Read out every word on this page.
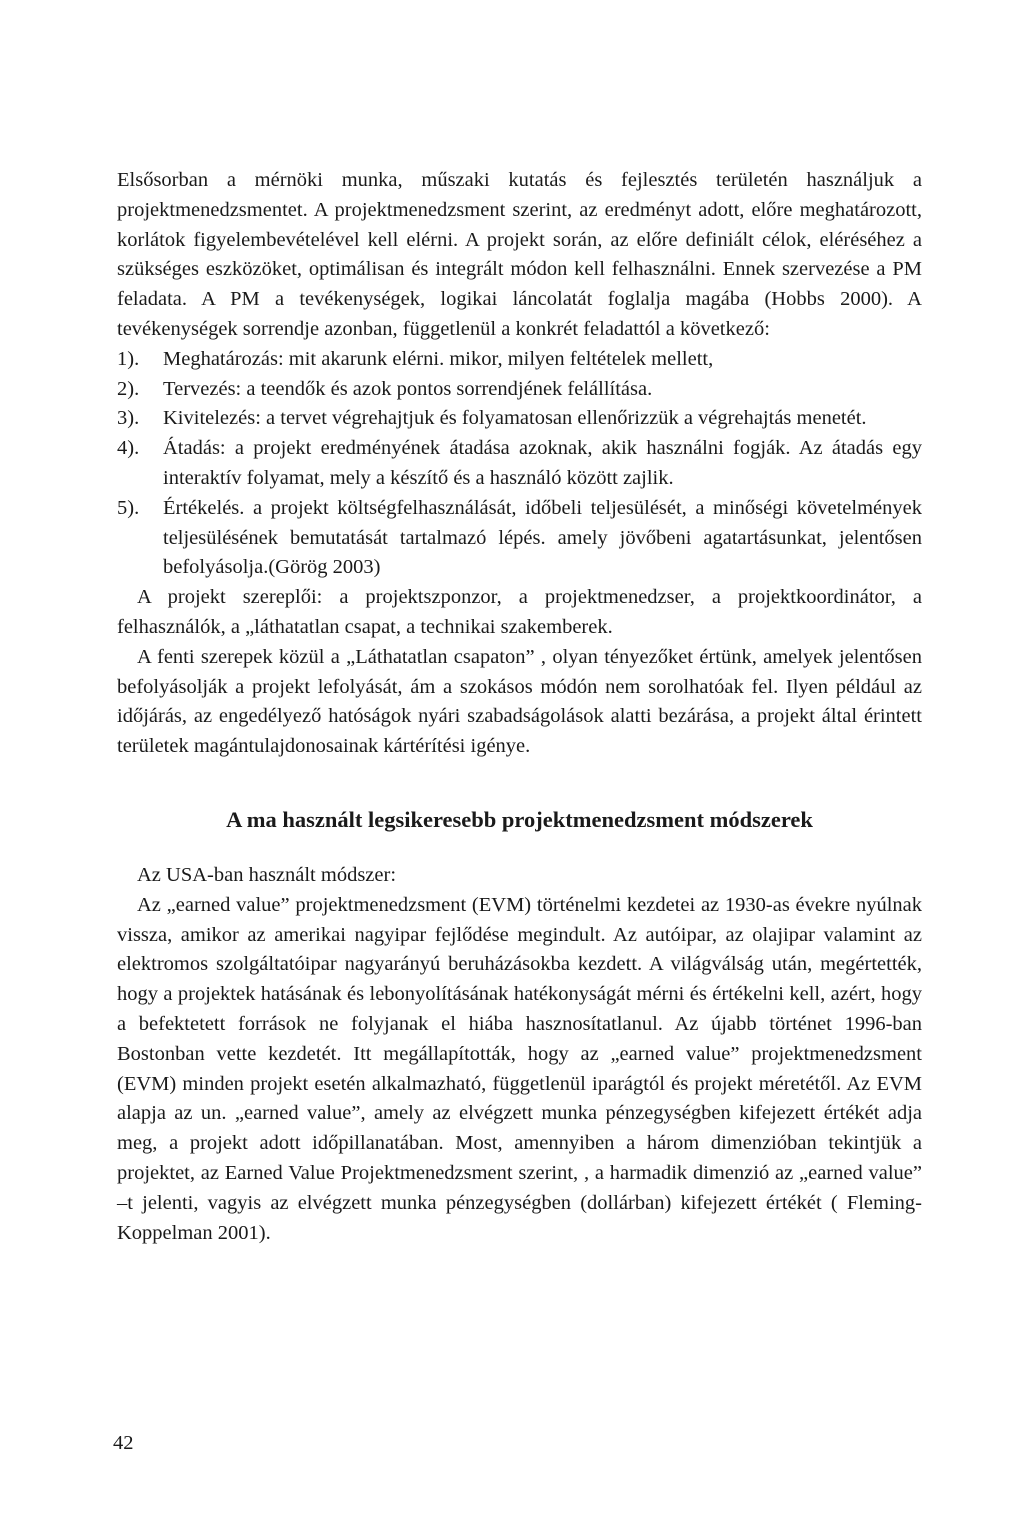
Elsősorban a mérnöki munka, műszaki kutatás és fejlesztés területén használjuk a projektmenedzsmentet. A projektmenedzsment szerint, az eredményt adott, előre meghatározott, korlátok figyelembevételével kell elérni. A projekt során, az előre definiált célok, eléréséhez a szükséges eszközöket, optimálisan és integrált módon kell felhasználni. Ennek szervezése a PM feladata. A PM a tevékenységek, logikai láncolatát foglalja magába (Hobbs 2000). A tevékenységek sorrendje azonban, függetlenül a konkrét feladattól a következő:

1).	Meghatározás: mit akarunk elérni. mikor, milyen feltételek mellett,
2).	Tervezés: a teendők és azok pontos sorrendjének felállítása.
3).	Kivitelezés: a tervet végrehajtjuk és folyamatosan ellenőrizzük a végrehajtás menetét.
4).	Átadás: a projekt eredményének átadása azoknak, akik használni fogják. Az átadás egy interaktív folyamat, mely a készítő és a használó között zajlik.
5).	Értékelés. a projekt költségfelhasználását, időbeli teljesülését, a minőségi követelmények teljesülésének bemutatását tartalmazó lépés. amely jövőbeni agatartásunkat, jelentősen befolyásolja.(Görög 2003)

A projekt szereplői: a projektszponzor, a projektmenedzser, a projektkoordinátor, a felhasználók, a „láthatatlan csapat, a technikai szakemberek.

A fenti szerepek közül a „Láthatatlan csapaton” , olyan tényezőket értünk, amelyek jelentősen befolyásolják a projekt lefolyását, ám a szokásos módón nem sorolhatóak fel. Ilyen például az időjárás, az engedélyező hatóságok nyári szabadságolások alatti bezárása, a projekt által érintett területek magántulajdonosainak kártérítési igénye.

A ma használt legsikeresebb projektmenedzsment módszerek

Az USA-ban használt módszer:

Az „earned value” projektmenedzsment (EVM) történelmi kezdetei az 1930-as évekre nyúlnak vissza, amikor az amerikai nagyipar fejlődése megindult. Az autóipar, az olajipar valamint az elektromos szolgáltatóipar nagyarányú beruházásokba kezdett. A világválság után, megértették, hogy a projektek hatásának és lebonyolításának hatékonyságát mérni és értékelni kell, azért, hogy a befektetett források ne folyjanak el hiába hasznosítatlanul. Az újabb történet 1996-ban Bostonban vette kezdetét. Itt megállapították, hogy az „earned value” projektmenedzsment (EVM) minden projekt esetén alkalmazható, függetlenül iparágtól és projekt méretétől. Az EVM alapja az un. „earned value”, amely az elvégzett munka pénzegységben kifejezett értékét adja meg, a projekt adott időpillanatában. Most, amennyiben a három dimenzióban tekintjük a projektet, az Earned Value Projektmenedzsment szerint, , a harmadik dimenzió az „earned value” –t jelenti, vagyis az elvégzett munka pénzegységben (dollárban) kifejezett értékét ( Fleming- Koppelman 2001).

42
